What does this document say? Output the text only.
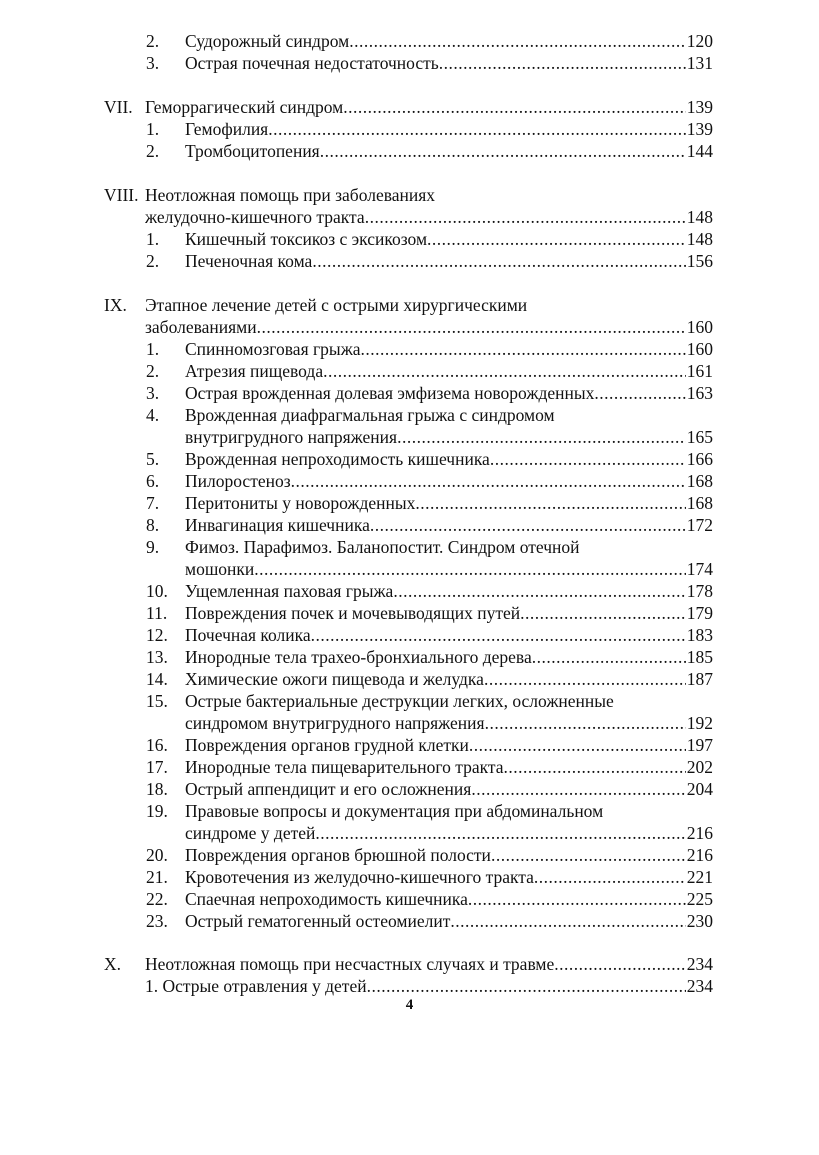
2. Судорожный синдром ................................... .....	120
3. Острая почечная недостаточность ............................. .....	131
VII. Геморрагический синдром ........................................... .....	139
1. Гемофилия ..................................................... .....	139
2. Тромбоцитопения ............................................ .....	144
VIII. Неотложная помощь при заболеваниях
желудочно-кишечного тракта ........................................... .....	148
1. Кишечный токсикоз с эксикозом .................................... .....	148
2. Печеночная кома ................................................. .....	156
IX. Этапное лечение детей с острыми хирургическими
заболеваниями ......................................................... .....	160
1. Спинномозговая грыжа .............................................. .....	160
2. Атрезия пищевода ..................................................... .....	161
3. Острая врожденная долевая эмфизема новорожденных ......... .....	163
4. Врожденная диафрагмальная грыжа с синдромом
внутригрудного напряжения ........................................... .....	165
5. Врожденная непроходимость кишечника ......................... .....	166
6. Пилоростеноз ..................................................... .....	168
7. Перитониты у новорожденных ......................................... .....	168
8. Инвагинация кишечника ............................................ .....	172
9. Фимоз. Парафимоз. Баланопостит. Синдром отечной
мошонки ......................................................................... .....	174
10. Ущемленная паховая грыжа ......................................... .....	178
11. Повреждения почек и мочевыводящих путей .................... .....	179
12. Почечная колика .............................................................. .....	183
13. Инородные тела трахео-бронхиального дерева ................. .....	185
14. Химические ожоги пищевода и желудка ........................... .....	187
15. Острые бактериальные деструкции легких, осложненные
синдромом внутригрудного напряжения ......................... .....	192
16. Повреждения органов грудной клетки .............................. .....	197
17. Инородные тела пищеварительного тракта ...................... .....	202
18. Острый аппендицит и его осложнения ........................... .....	204
19. Правовые вопросы и документация при абдоминальном
синдроме у детей .................................................................. .....	216
20. Повреждения органов брюшной полости ............................ .....	216
21. Кровотечения из желудочно-кишечного тракта ................. .....	221
22. Спаечная непроходимость кишечника ............................ .....	225
23. Острый гематогенный остеомиелит .............................. .....	230
X. Неотложная помощь при несчастных случаях и травме ............. .....	234
1. Острые отравления у детей ........................................ .....	234
4
